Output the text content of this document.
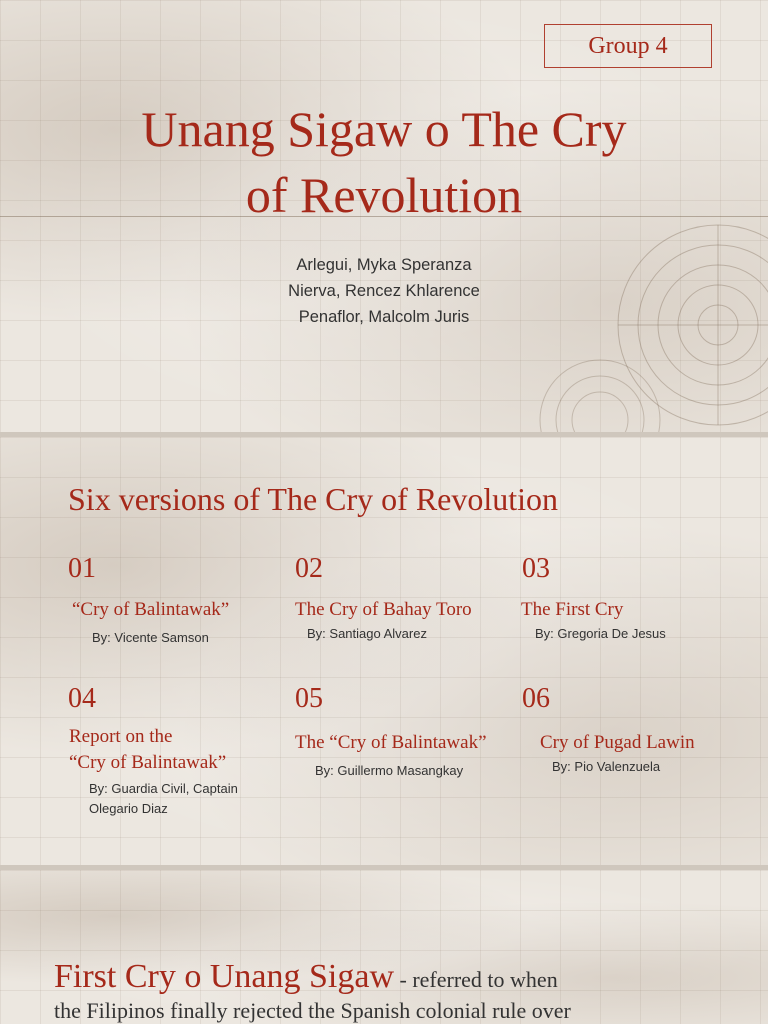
Group 4
Unang Sigaw o The Cry
of Revolution
Arlegui, Myka Speranza
Nierva, Rencez Khlarence
Penaflor, Malcolm Juris
Six versions of The Cry of Revolution
01
“Cry of Balintawak”
By: Vicente Samson
02
The Cry of Bahay Toro
By: Santiago Alvarez
03
The First Cry
By: Gregoria De Jesus
04
Report on the
“Cry of Balintawak”
By: Guardia Civil, Captain
Olegario Diaz
05
The “Cry of Balintawak”
By: Guillermo Masangkay
06
Cry of Pugad Lawin
By: Pio Valenzuela
First Cry o Unang Sigaw - referred to when
the Filipinos finally rejected the Spanish colonial rule over
